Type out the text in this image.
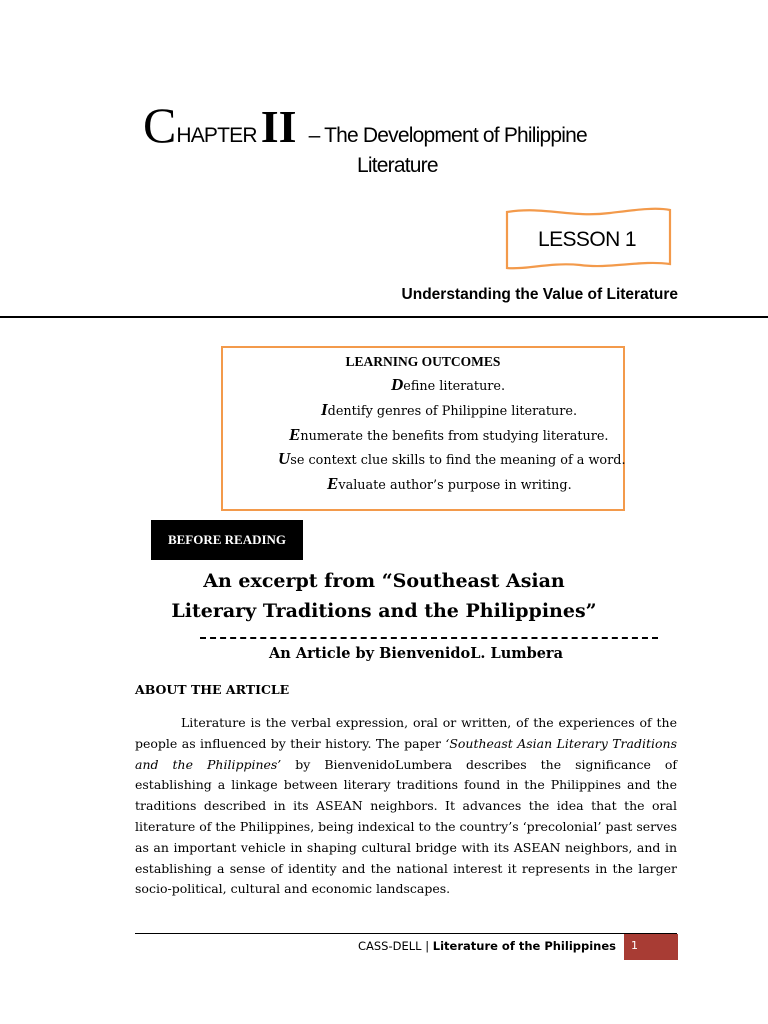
CHAPTERII – The Development of Philippine
Literature
LESSON 1
Understanding the Value of Literature
LEARNING OUTCOMES
Define literature.
Identify genres of Philippine literature.
Enumerate the benefits from studying literature.
Use context clue skills to find the meaning of a word.
Evaluate author’s purpose in writing.
BEFORE READING
An excerpt from “Southeast Asian
Literary Traditions and the Philippines”
An Article by BienvenidoL. Lumbera
ABOUT THE ARTICLE
Literature is the verbal expression, oral or written, of the experiences of the people as influenced by their history. The paper ‘Southeast Asian Literary Traditions and the Philippines’ by BienvenidoLumbera describes the significance of establishing a linkage between literary traditions found in the Philippines and the traditions described in its ASEAN neighbors. It advances the idea that the oral literature of the Philippines, being indexical to the country’s ‘precolonial’ past serves as an important vehicle in shaping cultural bridge with its ASEAN neighbors, and in establishing a sense of identity and the national interest it represents in the larger socio-political, cultural and economic landscapes.
CASS-DELL | Literature of the Philippines	1
